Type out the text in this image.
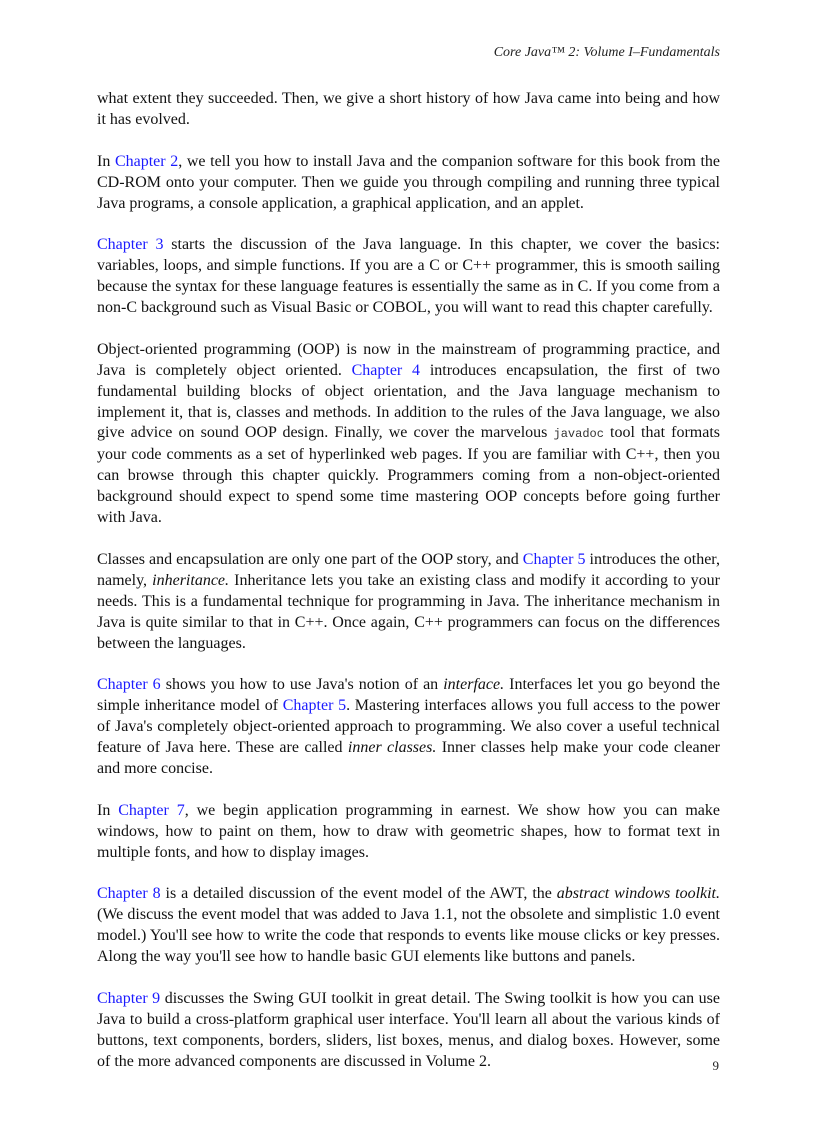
Core Java™ 2: Volume I–Fundamentals

what extent they succeeded. Then, we give a short history of how Java came into being and how it has evolved.

In Chapter 2, we tell you how to install Java and the companion software for this book from the CD-ROM onto your computer. Then we guide you through compiling and running three typical Java programs, a console application, a graphical application, and an applet.

Chapter 3 starts the discussion of the Java language. In this chapter, we cover the basics: variables, loops, and simple functions. If you are a C or C++ programmer, this is smooth sailing because the syntax for these language features is essentially the same as in C. If you come from a non-C background such as Visual Basic or COBOL, you will want to read this chapter carefully.

Object-oriented programming (OOP) is now in the mainstream of programming practice, and Java is completely object oriented. Chapter 4 introduces encapsulation, the first of two fundamental building blocks of object orientation, and the Java language mechanism to implement it, that is, classes and methods. In addition to the rules of the Java language, we also give advice on sound OOP design. Finally, we cover the marvelous javadoc tool that formats your code comments as a set of hyperlinked web pages. If you are familiar with C++, then you can browse through this chapter quickly. Programmers coming from a non-object-oriented background should expect to spend some time mastering OOP concepts before going further with Java.

Classes and encapsulation are only one part of the OOP story, and Chapter 5 introduces the other, namely, inheritance. Inheritance lets you take an existing class and modify it according to your needs. This is a fundamental technique for programming in Java. The inheritance mechanism in Java is quite similar to that in C++. Once again, C++ programmers can focus on the differences between the languages.

Chapter 6 shows you how to use Java's notion of an interface. Interfaces let you go beyond the simple inheritance model of Chapter 5. Mastering interfaces allows you full access to the power of Java's completely object-oriented approach to programming. We also cover a useful technical feature of Java here. These are called inner classes. Inner classes help make your code cleaner and more concise.

In Chapter 7, we begin application programming in earnest. We show how you can make windows, how to paint on them, how to draw with geometric shapes, how to format text in multiple fonts, and how to display images.

Chapter 8 is a detailed discussion of the event model of the AWT, the abstract windows toolkit. (We discuss the event model that was added to Java 1.1, not the obsolete and simplistic 1.0 event model.) You'll see how to write the code that responds to events like mouse clicks or key presses. Along the way you'll see how to handle basic GUI elements like buttons and panels.

Chapter 9 discusses the Swing GUI toolkit in great detail. The Swing toolkit is how you can use Java to build a cross-platform graphical user interface. You'll learn all about the various kinds of buttons, text components, borders, sliders, list boxes, menus, and dialog boxes. However, some of the more advanced components are discussed in Volume 2.	9
